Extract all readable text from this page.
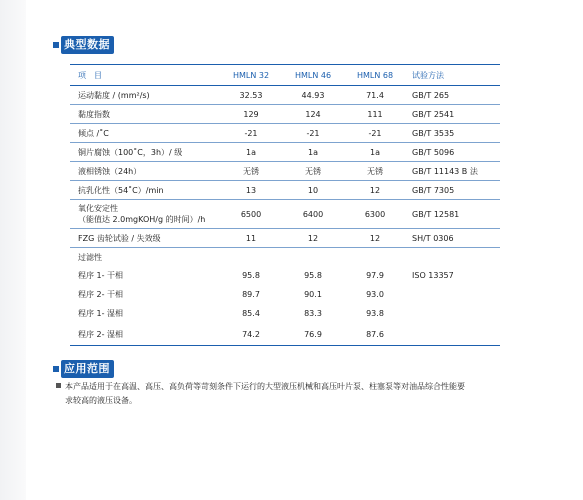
典型数据
项　目	HMLN 32	HMLN 46	HMLN 68	试验方法
运动黏度 / (mm²/s)	32.53	44.93	71.4	GB/T 265
黏度指数	129	124	111	GB/T 2541
倾点 /˚C	-21	-21	-21	GB/T 3535
铜片腐蚀（100˚C，3h）/ 级	1a	1a	1a	GB/T 5096
液相锈蚀（24h）	无锈	无锈	无锈	GB/T 11143 B 法
抗乳化性（54˚C）/min	13	10	12	GB/T 7305

氧化安定性
（能值达 2.0mgKOH/g 的时间）/h	6500	6400	6300	GB/T 12581
FZG 齿轮试验 / 失效级	11	12	12	SH/T 0306
过滤性				
程序 1- 干相	95.8	95.8	97.9	ISO 13357
程序 2- 干相	89.7	90.1	93.0	
程序 1- 湿相	85.4	83.3	93.8	
程序 2- 湿相	74.2	76.9	87.6	
应用范围
本产品适用于在高温、高压、高负荷等苛刻条件下运行的大型液压机械和高压叶片泵、柱塞泵等对油品综合性能要
求较高的液压设备。
